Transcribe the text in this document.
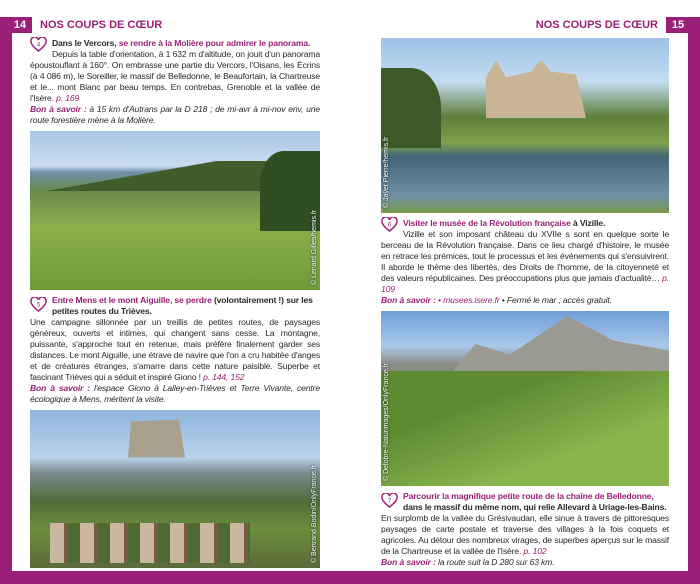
14	NOS COUPS DE CŒUR	NOS COUPS DE CŒUR	15
4	Dans le Vercors, se rendre à la Molière pour admirer le panorama.
Depuis la table d'orientation, à 1 632 m d'altitude, on jouit d'un panorama époustouflant à 160°. On embrasse une partie du Vercors, l'Oisans, les Écrins (à 4 086 m), le Soreiller, le massif de Belledonne, le Beaufortain, la Chartreuse et le... mont Blanc par beau temps. En contrebas, Grenoble et la vallée de l'Isère. p. 169
Bon à savoir : à 15 km d'Autrans par la D 218 ; de mi-avr à mi-nov env, une route forestière mène à la Molière.
© Lenard Gilles/hemis.fr
5
Entre Mens et le mont Aiguille, se perdre (volontairement !) sur les petites routes du Trièves.
Une campagne sillonnée par un treillis de petites routes, de paysages généreux, ouverts et intimes, qui changent sans cesse. La montagne, puissante, s'approche tout en retenue, mais préfère finalement garder ses distances. Le mont Aiguille, une étrave de navire que l'on a cru habitée d'anges et de créatures étranges, s'amarre dans cette nature paisible. Superbe et fascinant Trièves qui a séduit et inspiré Giono ! p. 144, 152
Bon à savoir : l'espace Giono à Lalley-en-Trièves et Terre Vivante, centre écologique à Mens, méritent la visite.
© Bertrand Bodin/OnlyFrance.fr
© Jaÿet Pierre/hemis.fr
6	Visiter le musée de la Révolution française à Vizille.
Vizille et son imposant château du XVIIe s sont en quelque sorte le berceau de la Révolution française. Dans ce lieu chargé d'histoire, le musée en retrace les prémices, tout le processus et les événements qui s'ensuivirent. Il aborde le thème des libertés, des Droits de l'homme, de la citoyenneté et des valeurs républicaines. Des préoccupations plus que jamais d'actualité… p. 109
Bon à savoir : • musees.isere.fr • Fermé le mar ; accès gratuit.
© Delobre-Naturimages/OnlyFrance.fr
7
Parcourir la magnifique petite route de la chaîne de Belledonne, dans le massif du même nom, qui relie Allevard à Uriage-les-Bains.
En surplomb de la vallée du Grésivaudan, elle sinue à travers de pittoresques paysages de carte postale et traverse des villages à la fois coquets et agricoles. Au détour des nombreux virages, de superbes aperçus sur le massif de la Chartreuse et la vallée de l'Isère. p. 102
Bon à savoir : la route suit la D 280 sur 63 km.
